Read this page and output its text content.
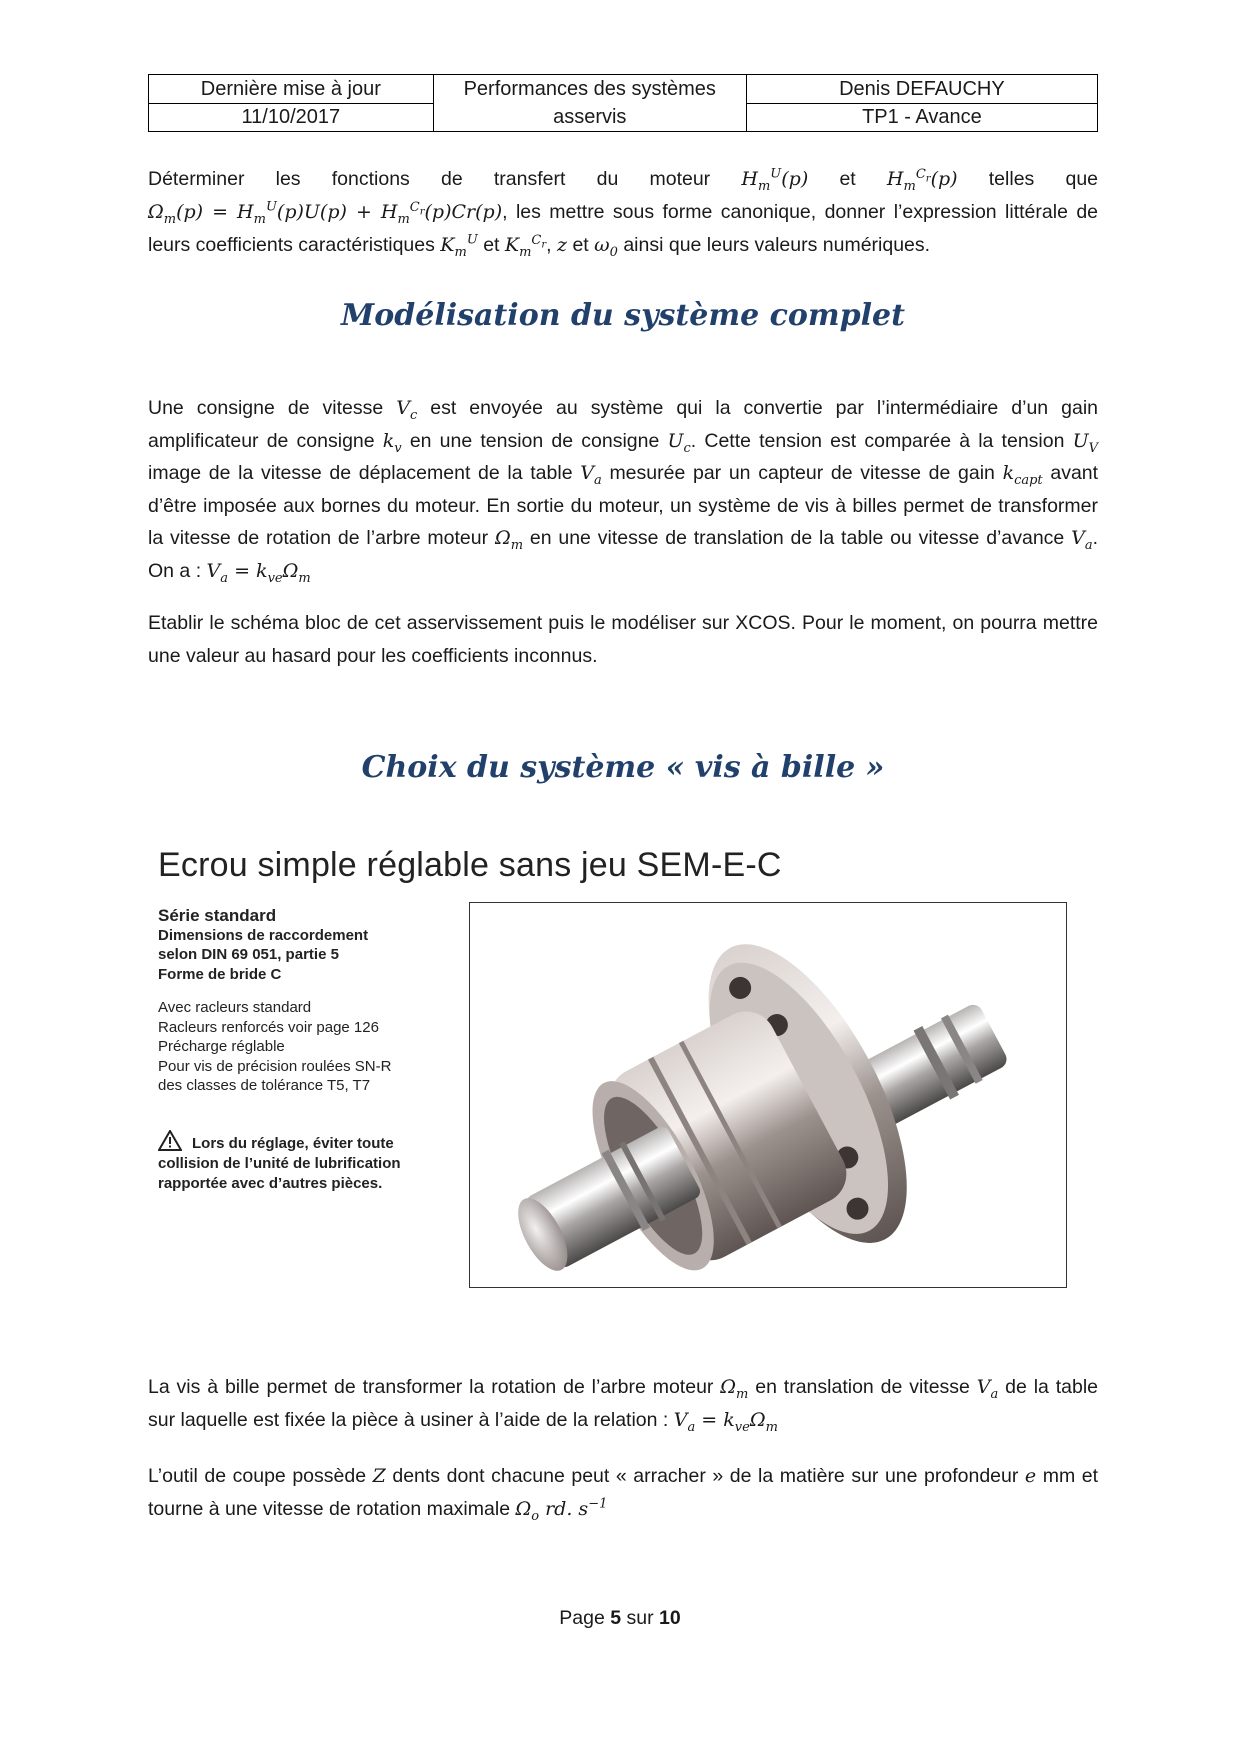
Dernière mise à jour	Performances des systèmes asservis	Denis DEFAUCHY
11/10/2017		TP1 - Avance
Déterminer les fonctions de transfert du moteur $H_m^U(p)$ et $H_m^{C_r}(p)$ telles que $\Omega_m(p) = H_m^U(p)U(p) + H_m^{C_r}(p)Cr(p)$, les mettre sous forme canonique, donner l’expression littérale de leurs coefficients caractéristiques $K_m^U$ et $K_m^{C_r}$, z et $\omega_0$ ainsi que leurs valeurs numériques.
Modélisation du système complet
Une consigne de vitesse $V_c$ est envoyée au système qui la convertie par l’intermédiaire d’un gain amplificateur de consigne $k_v$ en une tension de consigne $U_c$. Cette tension est comparée à la tension $U_V$ image de la vitesse de déplacement de la table $V_a$ mesurée par un capteur de vitesse de gain $k_{capt}$ avant d’être imposée aux bornes du moteur. En sortie du moteur, un système de vis à billes permet de transformer la vitesse de rotation de l’arbre moteur $\Omega_m$ en une vitesse de translation de la table ou vitesse d’avance $V_a$. On a : $V_a = k_{ve}\Omega_m$
Etablir le schéma bloc de cet asservissement puis le modéliser sur XCOS. Pour le moment, on pourra mettre une valeur au hasard pour les coefficients inconnus.
Choix du système « vis à bille »
Ecrou simple réglable sans jeu SEM-E-C
Série standard
Dimensions de raccordement
selon DIN 69 051, partie 5
Forme de bride C
Avec racleurs standard
Racleurs renforcés voir page 126
Précharge réglable
Pour vis de précision roulées SN-R
des classes de tolérance T5, T7
Lors du réglage, éviter toute
collision de l’unité de lubrification
rapportée avec d’autres pièces.
La vis à bille permet de transformer la rotation de l’arbre moteur $\Omega_m$ en translation de vitesse $V_a$ de la table sur laquelle est fixée la pièce à usiner à l’aide de la relation : $V_a = k_{ve}\Omega_m$
L’outil de coupe possède Z dents dont chacune peut « arracher » de la matière sur une profondeur e mm et tourne à une vitesse de rotation maximale $\Omega_o$ rd. $s^{-1}$
Page 5 sur 10
